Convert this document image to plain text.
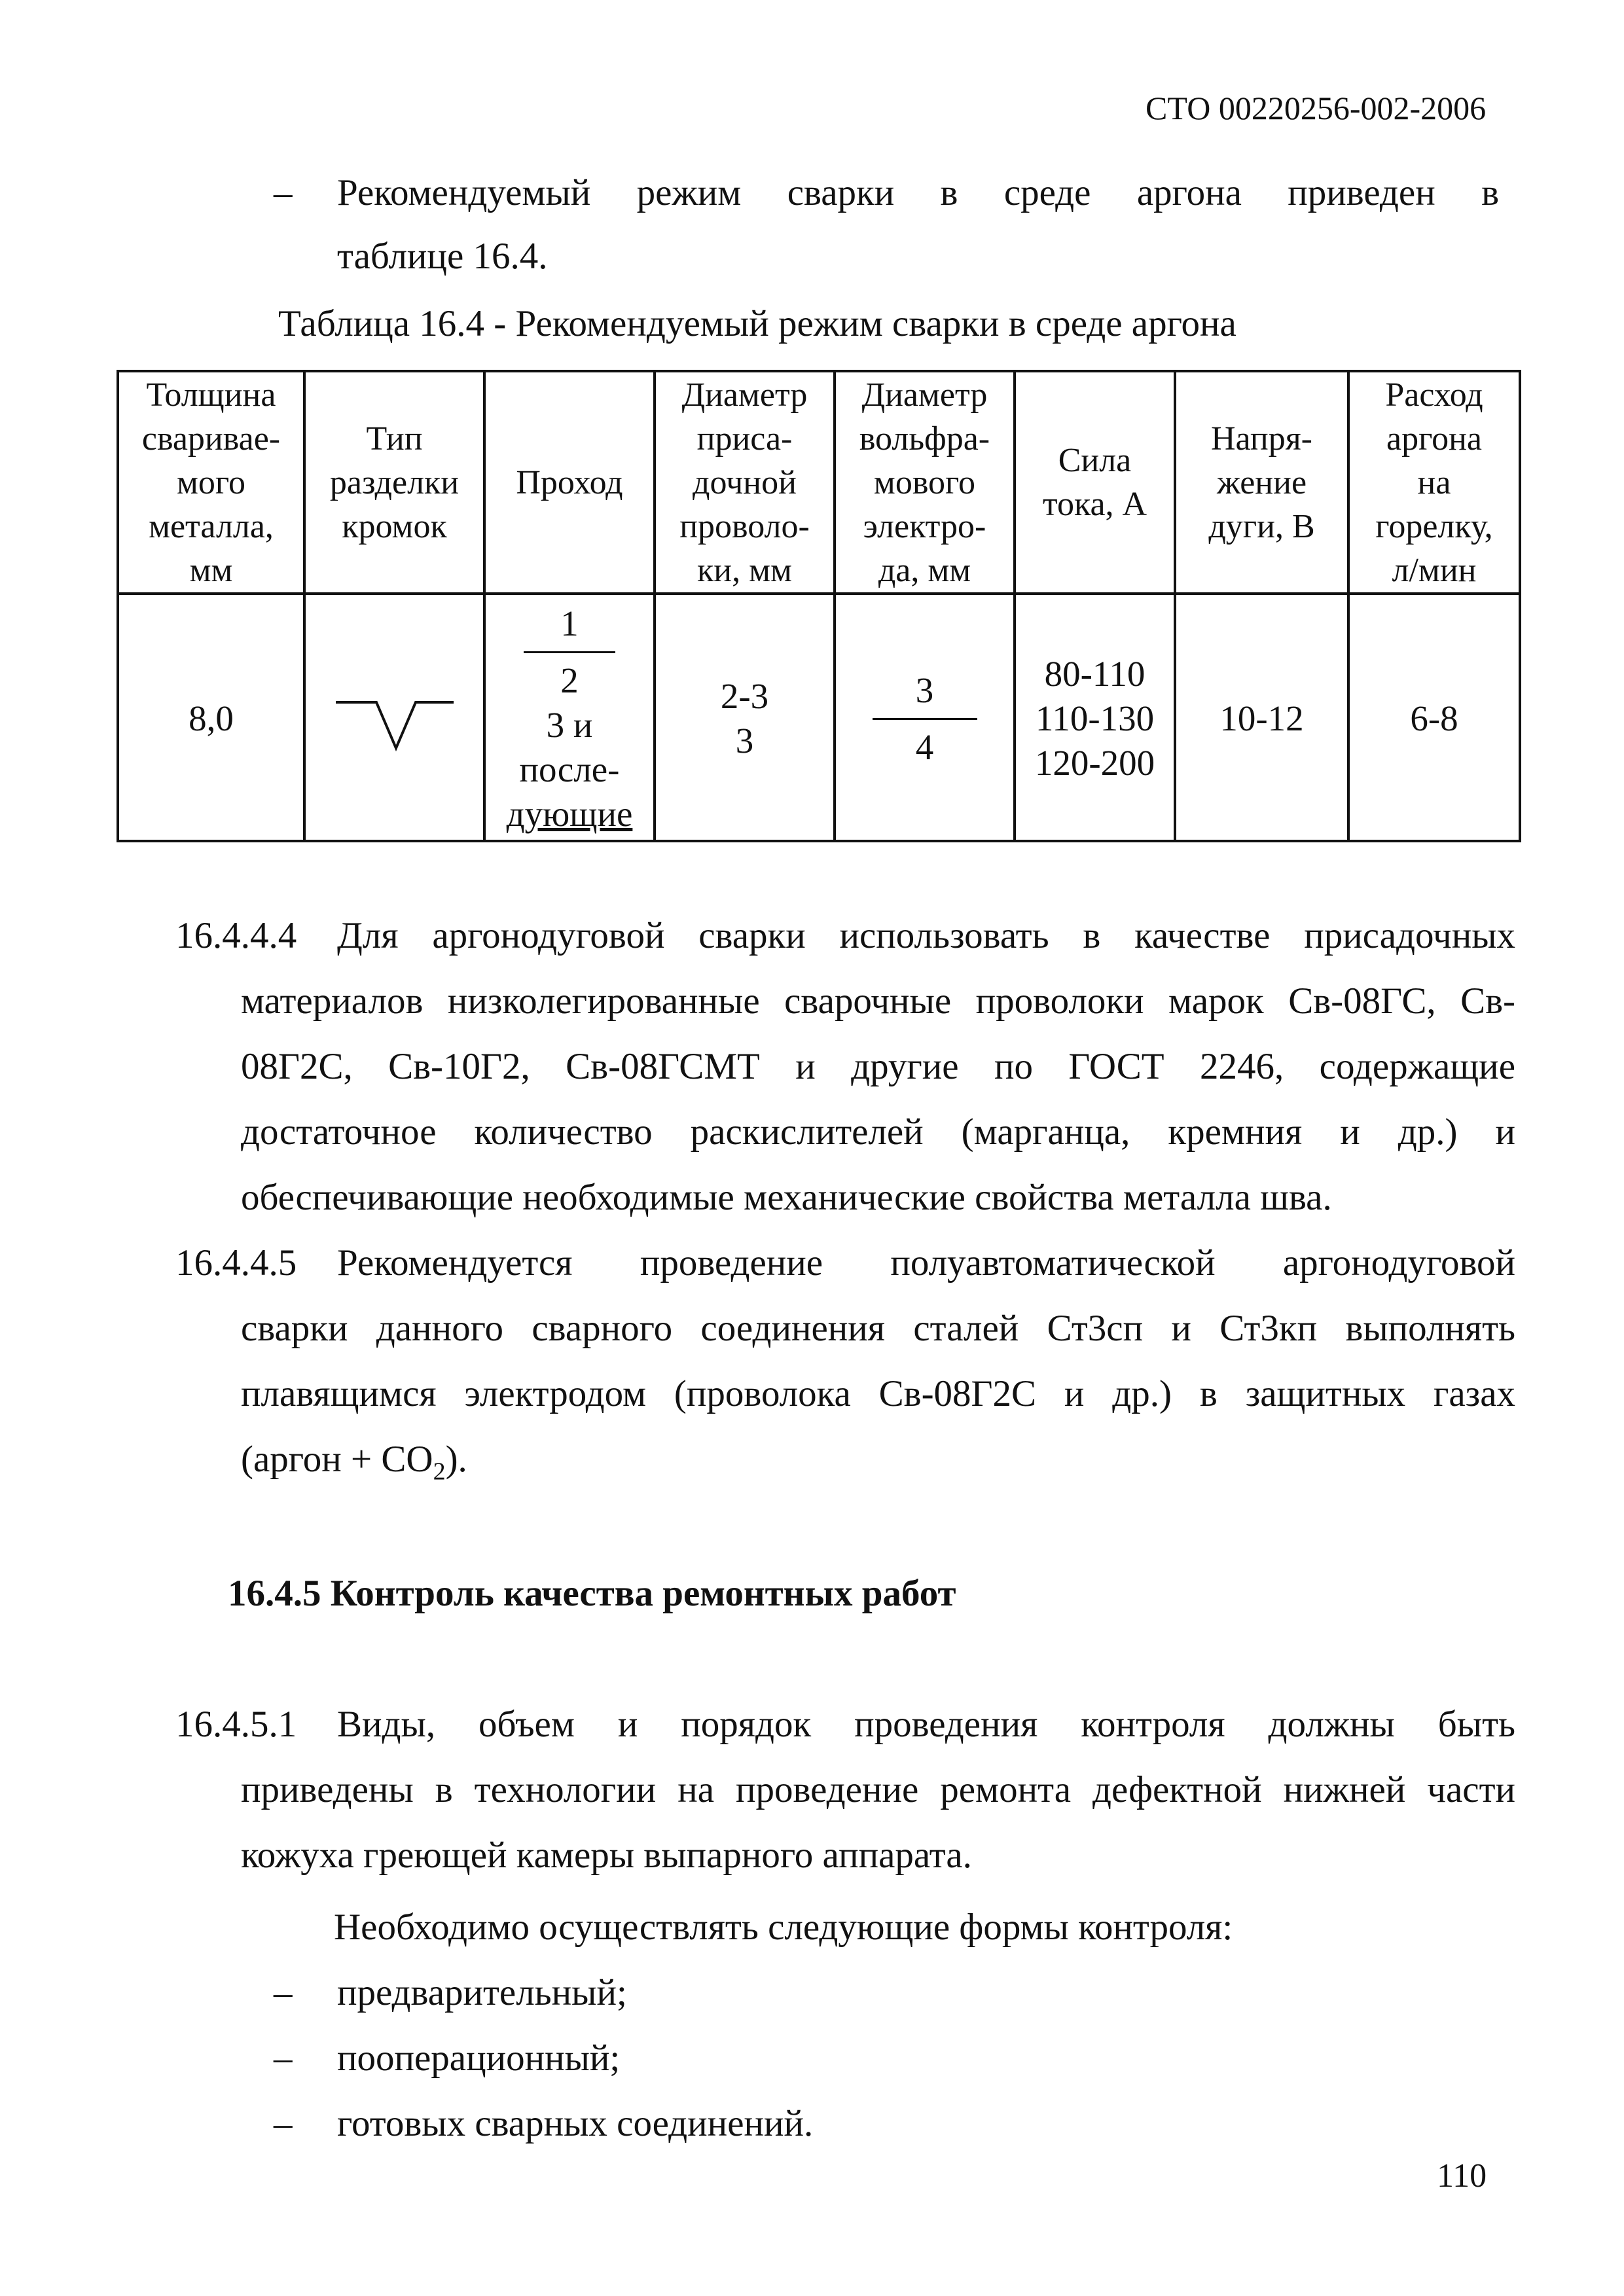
СТО 00220256-002-2006
– Рекомендуемый режим сварки в среде аргона приведен в
таблице 16.4.
Таблица 16.4 - Рекомендуемый режим сварки в среде аргона
Толщина
свариваe-
мого
металла,
мм
Тип
разделки
кромок
Проход
Диаметр
приса-
дочной
проволо-
ки, мм
Диаметр
вольфра-
мового
электро-
да, мм
Сила
тока, А
Напря-
жение
дуги, В
Расход
аргона
на
горелку,
л/мин
8,0
1
2
3 и
после-
дующие
2-3
3
3
4
80-110
110-130
120-200
10-12	6-8
16.4.4.4 Для аргонодуговой сварки использовать в качестве присадочных
материалов низколегированные сварочные проволоки марок Св-08ГС, Св-
08Г2С, Св-10Г2, Св-08ГСМТ и другие по ГОСТ 2246, содержащие
достаточное количество раскислителей (марганца, кремния и др.) и
обеспечивающие необходимые механические свойства металла шва.
16.4.4.5 Рекомендуется проведение полуавтоматической аргонодуговой
сварки данного сварного соединения сталей Ст3сп и Ст3кп выполнять
плавящимся электродом (проволока Св-08Г2С и др.) в защитных газах
(аргон + $СО_2$).
16.4.5 Контроль качества ремонтных работ
16.4.5.1 Виды, объем и порядок проведения контроля должны быть
приведены в технологии на проведение ремонта дефектной нижней части
кожуха греющей камеры выпарного аппарата.
Необходимо осуществлять следующие формы контроля:
– предварительный;
– пооперационный;
– готовых сварных соединений.
110
